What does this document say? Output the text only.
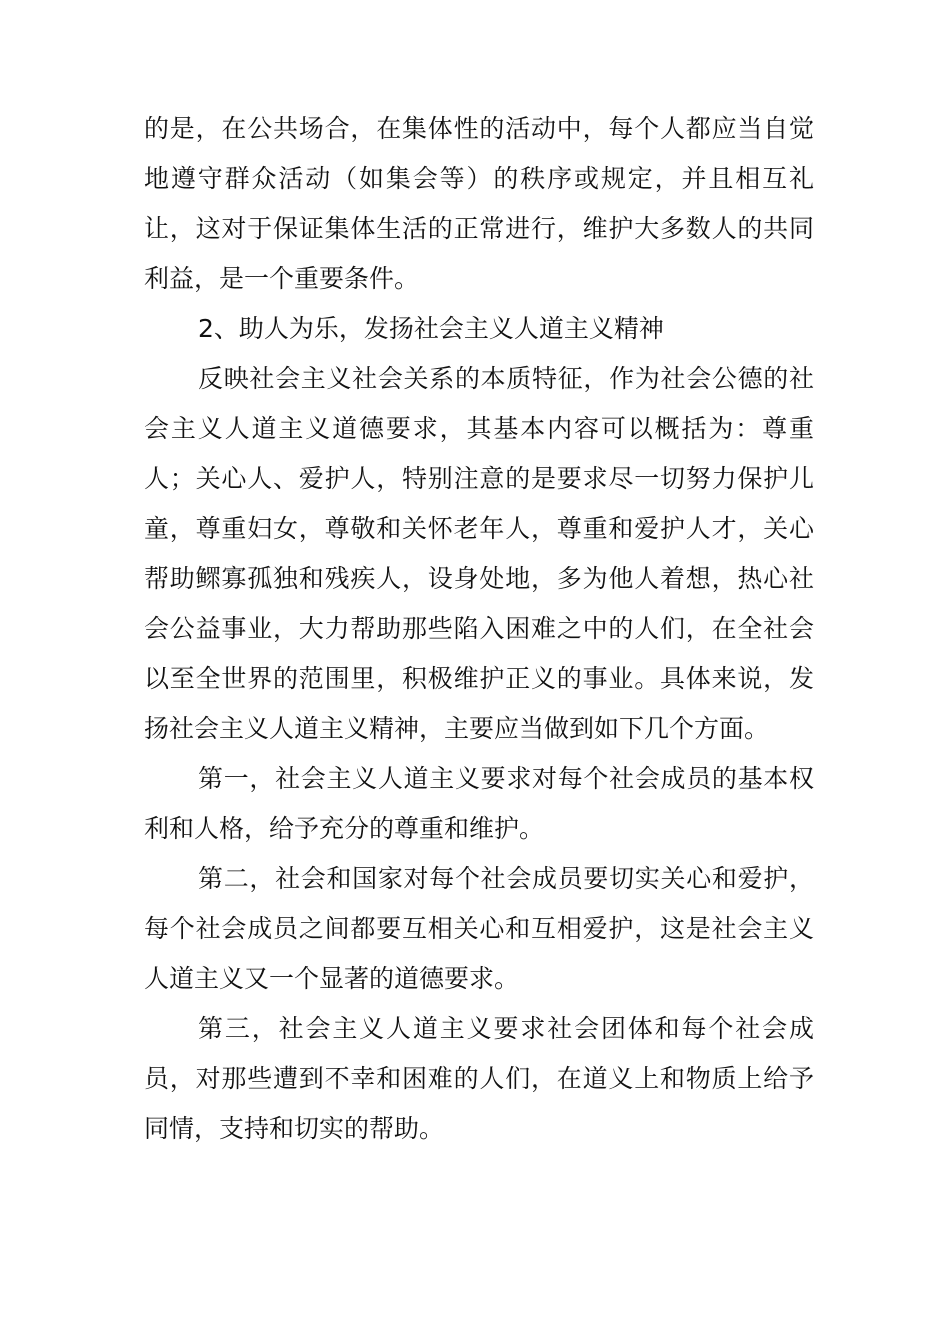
的是，在公共场合，在集体性的活动中，每个人都应当自觉地遵守群众活动（如集会等）的秩序或规定，并且相互礼让，这对于保证集体生活的正常进行，维护大多数人的共同利益，是一个重要条件。

2、助人为乐，发扬社会主义人道主义精神

反映社会主义社会关系的本质特征，作为社会公德的社会主义人道主义道德要求，其基本内容可以概括为：尊重人；关心人、爱护人，特别注意的是要求尽一切努力保护儿童，尊重妇女，尊敬和关怀老年人，尊重和爱护人才，关心帮助鳏寡孤独和残疾人，设身处地，多为他人着想，热心社会公益事业，大力帮助那些陷入困难之中的人们，在全社会以至全世界的范围里，积极维护正义的事业。具体来说，发扬社会主义人道主义精神，主要应当做到如下几个方面。

第一，社会主义人道主义要求对每个社会成员的基本权利和人格，给予充分的尊重和维护。

第二，社会和国家对每个社会成员要切实关心和爱护，每个社会成员之间都要互相关心和互相爱护，这是社会主义人道主义又一个显著的道德要求。

第三，社会主义人道主义要求社会团体和每个社会成员，对那些遭到不幸和困难的人们，在道义上和物质上给予同情，支持和切实的帮助。
